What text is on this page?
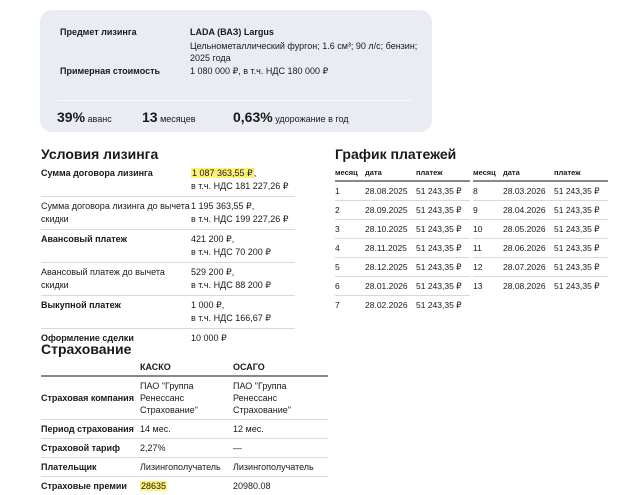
Предмет лизинга	LADA (ВАЗ) Largus
Цельнометаллический фургон; 1.6 см³; 90 л/с; бензин; 2025 года
Примерная стоимость	1 080 000 ₽, в т.ч. НДС 180 000 ₽
39% аванс 13 месяцев	0,63% удорожание в год
Условия лизинга
Сумма договора лизинга	1 087 363,55 ₽,
в т.ч. НДС 181 227,26 ₽
Сумма договора лизинга до вычета скидки
1 195 363,55 ₽,
в т.ч. НДС 199 227,26 ₽
Авансовый платеж	421 200 ₽,
в т.ч. НДС 70 200 ₽
Авансовый платеж до вычета скидки
529 200 ₽,
в т.ч. НДС 88 200 ₽
Выкупной платеж	1 000 ₽,
в т.ч. НДС 166,67 ₽
Оформление сделки	10 000 ₽
График платежей
месяц	дата	платеж
1	28.08.2025	51 243,35 ₽
2	28.09.2025	51 243,35 ₽
3	28.10.2025	51 243,35 ₽
4	28.11.2025	51 243,35 ₽
5	28.12.2025	51 243,35 ₽
6	28.01.2026	51 243,35 ₽
7	28.02.2026	51 243,35 ₽
месяц	дата	платеж
8	28.03.2026	51 243,35 ₽
9	28.04.2026	51 243,35 ₽
10	28.05.2026	51 243,35 ₽
11	28.06.2026	51 243,35 ₽
12	28.07.2026	51 243,35 ₽
13	28.08.2026	51 243,35 ₽
Страхование
	КАСКО	ОСАГО
Страховая компания	ПАО "Группа Ренессанс Страхование"	ПАО "Группа Ренессанс Страхование"
Период страхования	14 мес.	12 мес.
Страховой тариф	2,27%	—
Плательщик	Лизингополучатель	Лизингополучатель
Страховые премии	28635	20980.08
